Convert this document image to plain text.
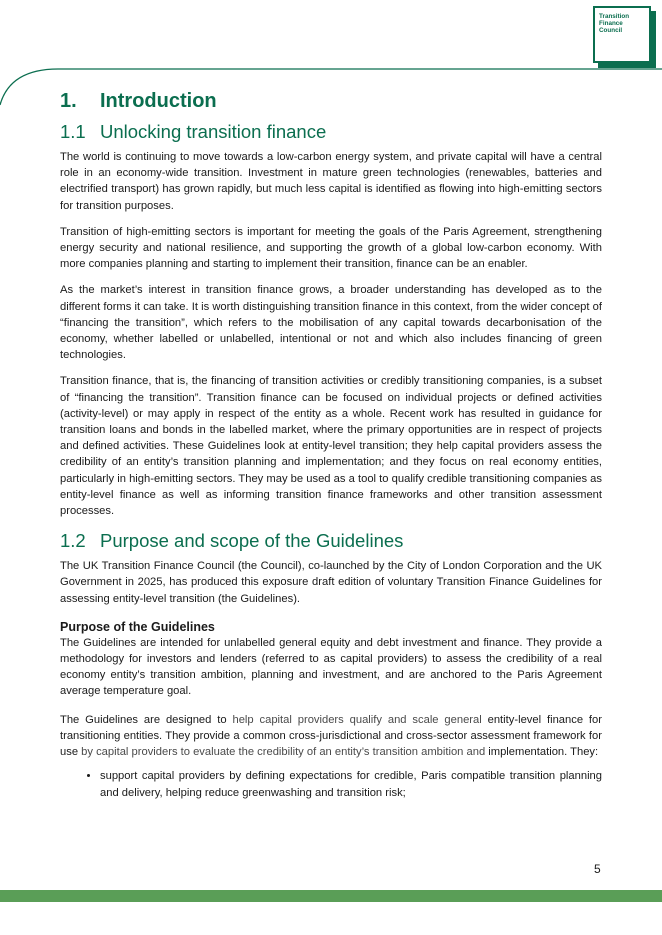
Transition
Finance
Council
1. Introduction
1.1 Unlocking transition finance

The world is continuing to move towards a low-carbon energy system, and private capital will have a central role in an economy-wide transition. Investment in mature green technologies (renewables, batteries and electrified transport) has grown rapidly, but much less capital is identified as flowing into high-emitting sectors for transition purposes.

Transition of high-emitting sectors is important for meeting the goals of the Paris Agreement, strengthening energy security and national resilience, and supporting the growth of a global low-carbon economy. With more companies planning and starting to implement their transition, finance can be an enabler.

As the market’s interest in transition finance grows, a broader understanding has developed as to the different forms it can take. It is worth distinguishing transition finance in this context, from the wider concept of “financing the transition”, which refers to the mobilisation of any capital towards decarbonisation of the economy, whether labelled or unlabelled, intentional or not and which also includes financing of green technologies.

Transition finance, that is, the financing of transition activities or credibly transitioning companies, is a subset of “financing the transition”. Transition finance can be focused on individual projects or defined activities (activity-level) or may apply in respect of the entity as a whole. Recent work has resulted in guidance for transition loans and bonds in the labelled market, where the primary opportunities are in respect of projects and defined activities. These Guidelines look at entity-level transition; they help capital providers assess the credibility of an entity’s transition planning and implementation; and they focus on real economy entities, particularly in high-emitting sectors. They may be used as a tool to qualify credible transitioning companies as entity-level finance as well as informing transition finance frameworks and other transition assessment processes.

1.2 Purpose and scope of the Guidelines

The UK Transition Finance Council (the Council), co-launched by the City of London Corporation and the UK Government in 2025, has produced this exposure draft edition of voluntary Transition Finance Guidelines for assessing entity-level transition (the Guidelines).

Purpose of the Guidelines

The Guidelines are intended for unlabelled general equity and debt investment and finance. They provide a methodology for investors and lenders (referred to as capital providers) to assess the credibility of a real economy entity’s transition ambition, planning and investment, and are anchored to the Paris Agreement average temperature goal.

The Guidelines are designed to help capital providers qualify and scale general entity-level finance for transitioning entities. They provide a common cross-jurisdictional and cross-sector assessment framework for use by capital providers to evaluate the credibility of an entity’s transition ambition and implementation. They:

• support capital providers by defining expectations for credible, Paris compatible transition planning and delivery, helping reduce greenwashing and transition risk;
5
